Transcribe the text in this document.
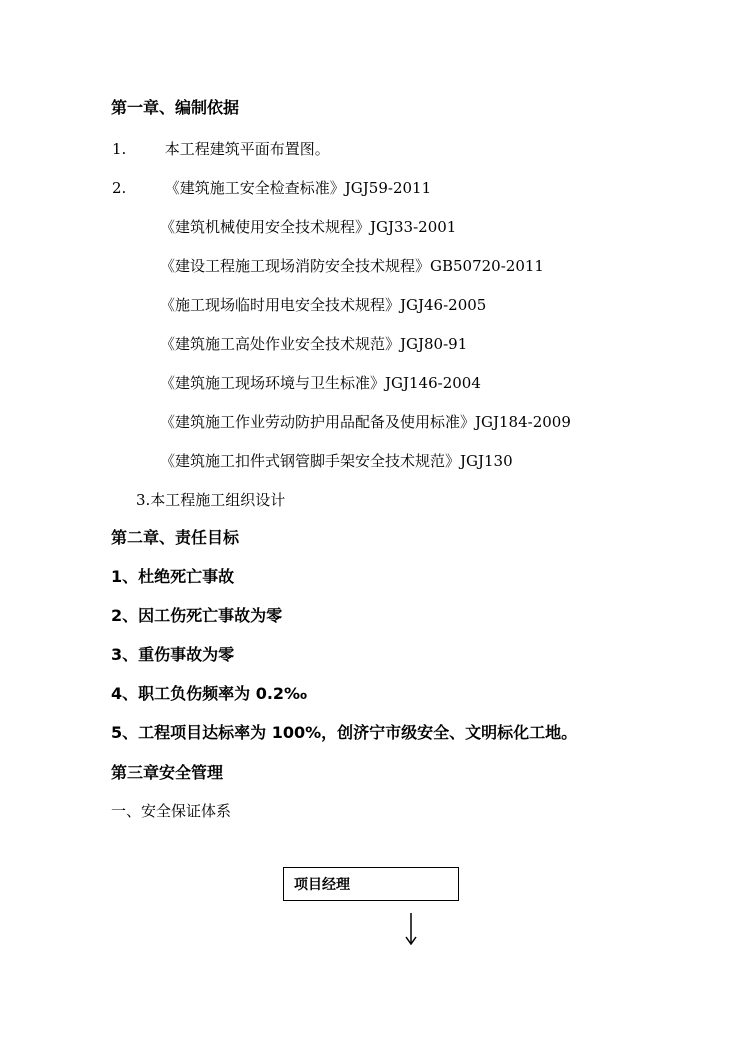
第一章、编制依据
1.	本工程建筑平面布置图。
2.	《建筑施工安全检查标准》JGJ59-2011
《建筑机械使用安全技术规程》JGJ33-2001
《建设工程施工现场消防安全技术规程》GB50720-2011
《施工现场临时用电安全技术规程》JGJ46-2005
《建筑施工高处作业安全技术规范》JGJ80-91
《建筑施工现场环境与卫生标准》JGJ146-2004
《建筑施工作业劳动防护用品配备及使用标准》JGJ184-2009
《建筑施工扣件式钢管脚手架安全技术规范》JGJ130
3.本工程施工组织设计
第二章、责任目标
1、杜绝死亡事故
2、因工伤死亡事故为零
3、重伤事故为零
4、职工负伤频率为 0.2‰
5、工程项目达标率为 100%，创济宁市级安全、文明标化工地。
第三章安全管理
一、安全保证体系
项目经理
